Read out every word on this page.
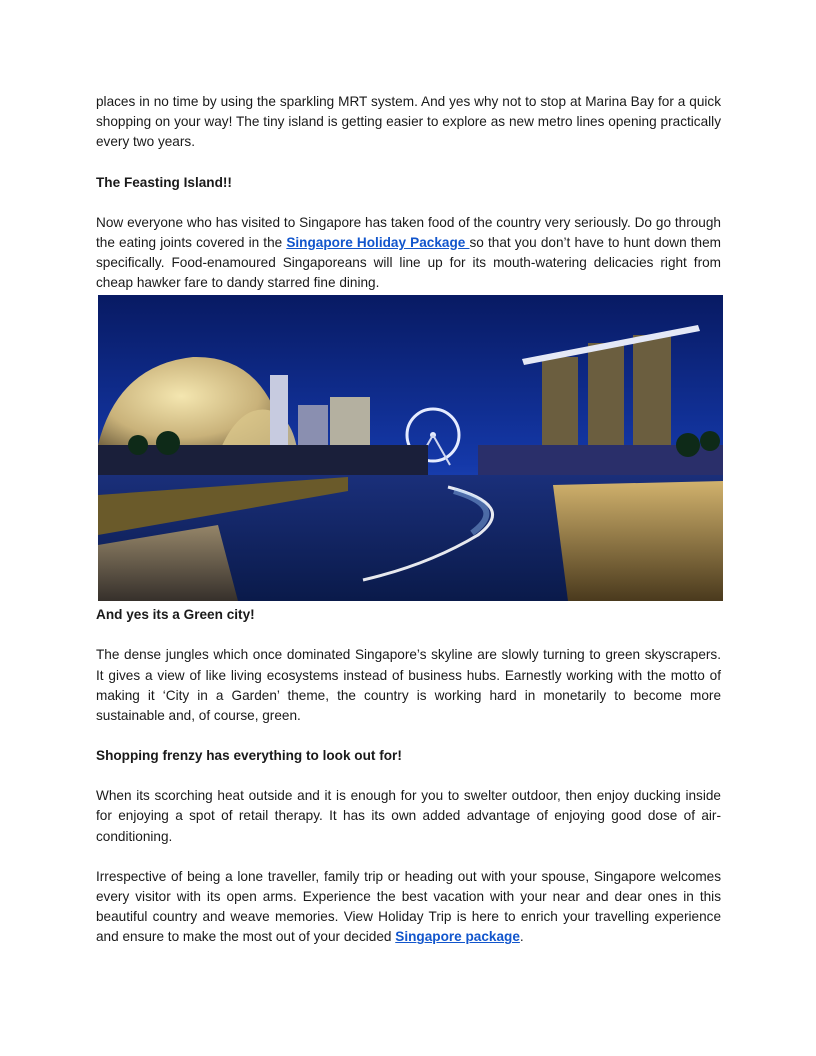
places in no time by using the sparkling MRT system. And yes why not to stop at Marina Bay for a quick shopping on your way! The tiny island is getting easier to explore as new metro lines opening practically every two years.

The Feasting Island!!

Now everyone who has visited to Singapore has taken food of the country very seriously. Do go through the eating joints covered in the Singapore Holiday Package so that you don’t have to hunt down them specifically. Food-enamoured Singaporeans will line up for its mouth-watering delicacies right from cheap hawker fare to dandy starred fine dining.

And yes its a Green city!

The dense jungles which once dominated Singapore’s skyline are slowly turning to green skyscrapers. It gives a view of like living ecosystems instead of business hubs. Earnestly working with the motto of making it ‘City in a Garden’ theme, the country is working hard in monetarily to become more sustainable and, of course, green.

Shopping frenzy has everything to look out for!

When its scorching heat outside and it is enough for you to swelter outdoor, then enjoy ducking inside for enjoying a spot of retail therapy. It has its own added advantage of enjoying good dose of air-conditioning.

Irrespective of being a lone traveller, family trip or heading out with your spouse, Singapore welcomes every visitor with its open arms. Experience the best vacation with your near and dear ones in this beautiful country and weave memories. View Holiday Trip is here to enrich your travelling experience and ensure to make the most out of your decided Singapore package.
